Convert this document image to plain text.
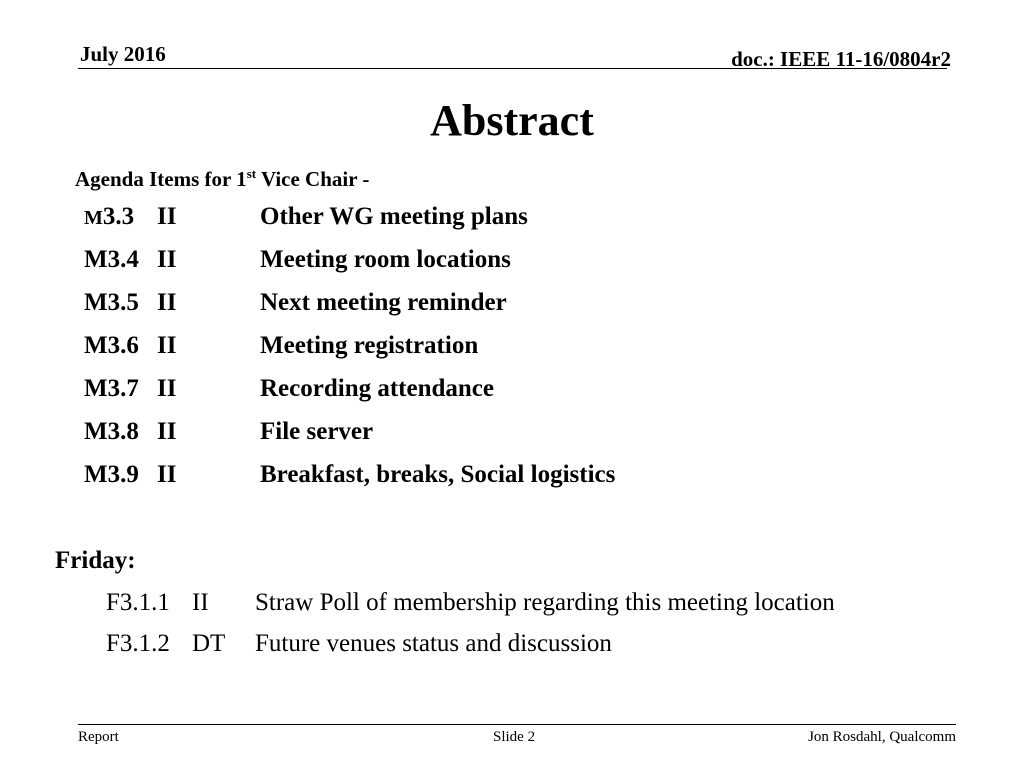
July 2016	doc.: IEEE 11-16/0804r2
Abstract
Agenda Items for 1st Vice Chair -
M3.3 II	Other WG meeting plans
M3.4 II	Meeting room locations
M3.5 II	Next meeting reminder
M3.6 II	Meeting registration
M3.7 II	Recording attendance
M3.8 II	File server
M3.9 II	Breakfast, breaks, Social logistics
Friday:
F3.1.1 II Straw Poll of membership regarding this meeting location
F3.1.2 DT Future venues status and discussion
Report	Slide 2	Jon Rosdahl, Qualcomm
